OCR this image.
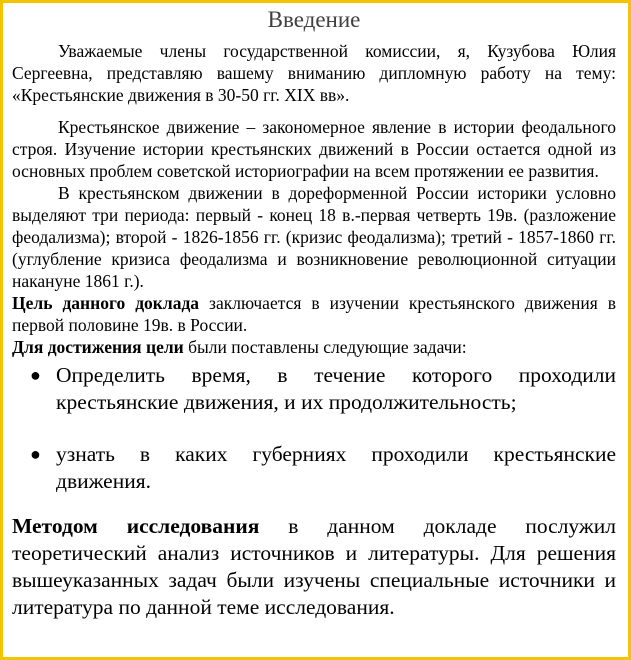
Введение

Уважаемые члены государственной комиссии, я, Кузубова Юлия Сергеевна, представляю вашему вниманию дипломную работу на тему: «Крестьянские движения в 30-50 гг. XIX вв».

Крестьянское движение – закономерное явление в истории феодального строя. Изучение истории крестьянских движений в России остается одной из основных проблем советской историографии на всем протяжении ее развития.

В крестьянском движении в дореформенной России историки условно выделяют три периода: первый - конец 18 в.-первая четверть 19в. (разложение феодализма); второй - 1826-1856 гг. (кризис феодализма); третий - 1857-1860 гг. (углубление кризиса феодализма и возникновение революционной ситуации накануне 1861 г.).

Цель данного доклада заключается в изучении крестьянского движения в первой половине 19в. в России.

Для достижения цели были поставлены следующие задачи:

● Определить время, в течение которого проходили крестьянские движения, и их продолжительность;
● узнать в каких губерниях проходили крестьянские движения.

Методом исследования в данном докладе послужил теоретический анализ источников и литературы. Для решения вышеуказанных задач были изучены специальные источники и литература по данной теме исследования.
